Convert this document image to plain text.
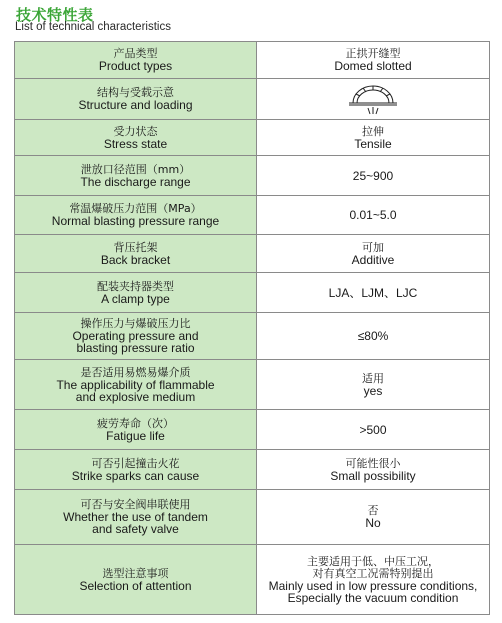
技术特性表
List of technical characteristics
产品类型
Product types	正拱开缝型
Domed slotted

结构与受载示意
Structure and loading

受力状态
Stress state	拉伸
Tensile

泄放口径范围（mm）
The discharge range	25~900

常温爆破压力范围（MPa）
Normal blasting pressure range	0.01~5.0

背压托架
Back bracket	可加
Additive

配装夹持器类型
A clamp type	LJA、LJM、LJC

操作压力与爆破压力比
Operating pressure and
blasting pressure ratio	≤80%

是否适用易燃易爆介质
The applicability of flammable
and explosive medium	适用
yes

疲劳寿命（次）
Fatigue life	>500

可否引起撞击火花
Strike sparks can cause	可能性很小
Small possibility

可否与安全阀串联使用
Whether the use of tandem
and safety valve	否
No

选型注意事项
Selection of attention	主要适用于低、中压工况，
对有真空工况需特别提出
Mainly used in low pressure conditions,
Especially the vacuum condition
